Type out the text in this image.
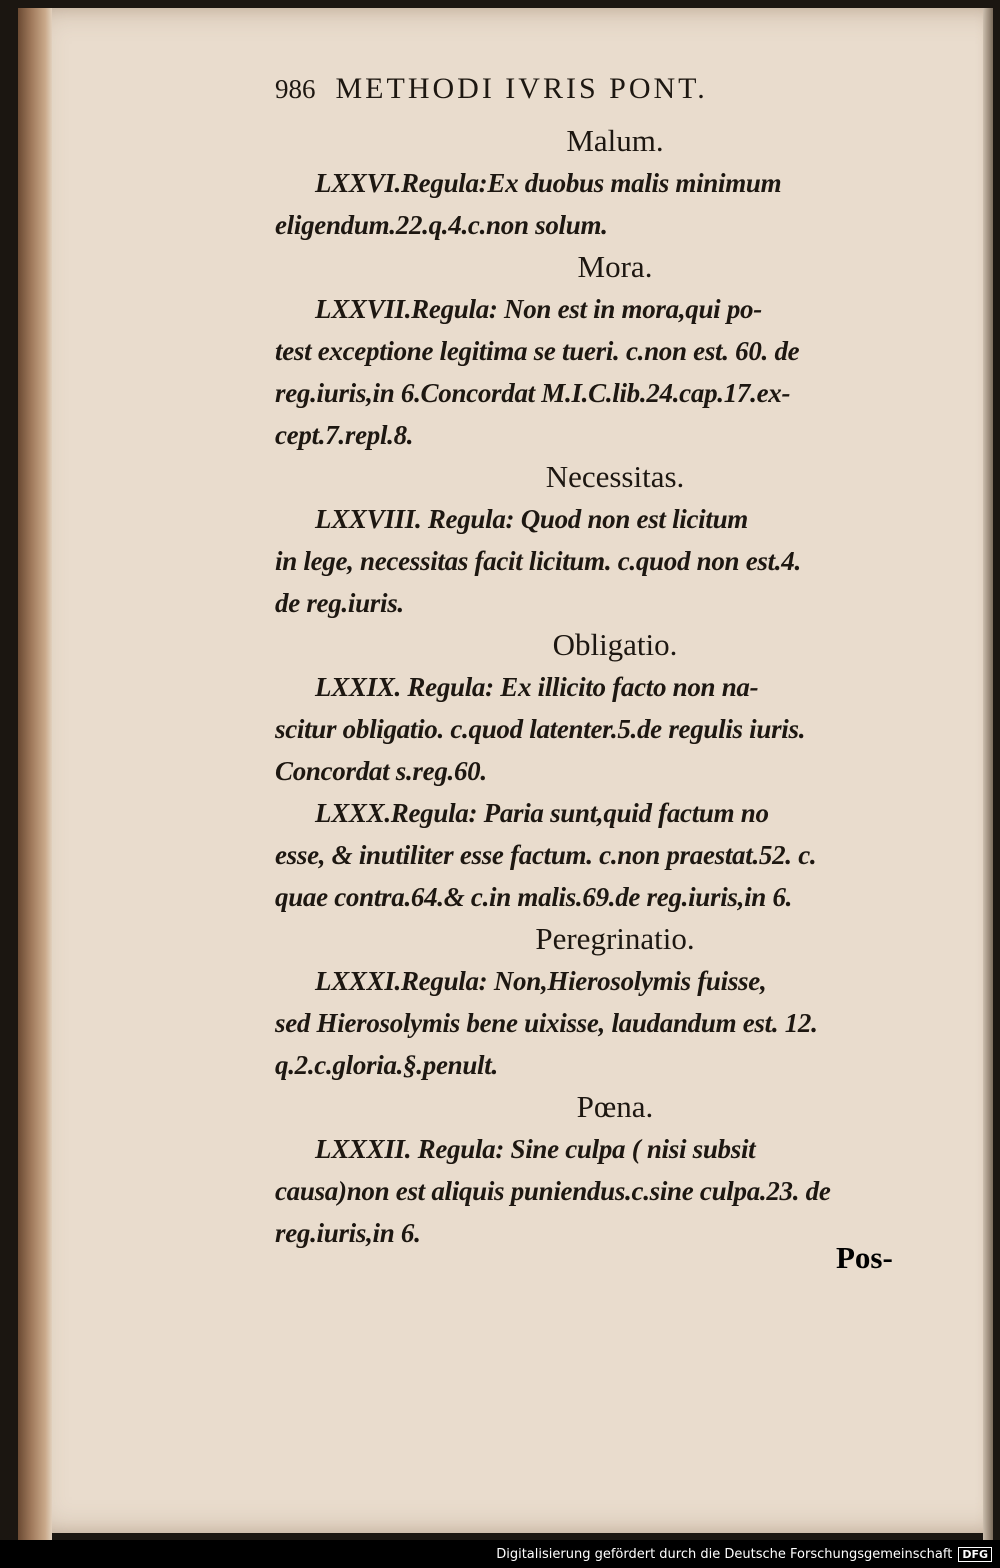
986 METHODI IVRIS PONT.
Malum.
LXXVI.Regula:Ex duobus malis minimum
eligendum.22.q.4.c.non solum.
Mora.
LXXVII.Regula: Non est in mora,qui po-
test exceptione legitima se tueri. c.non est. 60. de
reg.iuris,in 6.Concordat M.I.C.lib.24.cap.17.ex-
cept.7.repl.8.
Necessitas.
LXXVIII. Regula: Quod non est licitum
in lege, necessitas facit licitum. c.quod non est.4.
de reg.iuris.
Obligatio.
LXXIX. Regula: Ex illicito facto non na-
scitur obligatio. c.quod latenter.5.de regulis iuris.
Concordat s.reg.60.
LXXX.Regula: Paria sunt,quid factum no
esse, & inutiliter esse factum. c.non praestat.52. c.
quae contra.64.& c.in malis.69.de reg.iuris,in 6.
Peregrinatio.
LXXXI.Regula: Non,Hierosolymis fuisse,
sed Hierosolymis bene uixisse, laudandum est. 12.
q.2.c.gloria.§.penult.
Pœna.
LXXXII. Regula: Sine culpa ( nisi subsit
causa)non est aliquis puniendus.c.sine culpa.23. de
reg.iuris,in 6.
Pos-
Digitalisierung gefördert durch die Deutsche Forschungsgemeinschaft DFG
